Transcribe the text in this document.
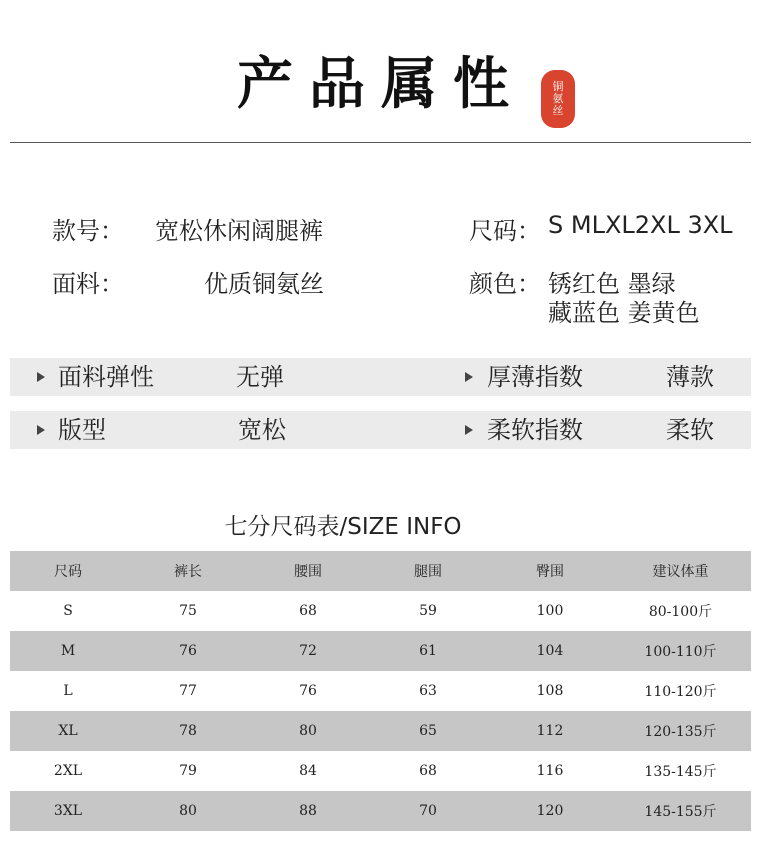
产品属性	铜氨丝
款号： 宽松休闲阔腿裤	尺码： S MLXL2XL 3XL
面料：	优质铜氨丝	颜色： 锈红色 墨绿
藏蓝色 姜黄色
面料弹性	无弹	厚薄指数	薄款
版型	宽松	柔软指数	柔软
七分尺码表/SIZE INFO
尺码	裤长	腰围	腿围	臀围	建议体重
S	75	68	59	100	80-100斤
M	76	72	61	104	100-110斤
L	77	76	63	108	110-120斤
XL	78	80	65	112	120-135斤
2XL	79	84	68	116	135-145斤
3XL	80	88	70	120	145-155斤
